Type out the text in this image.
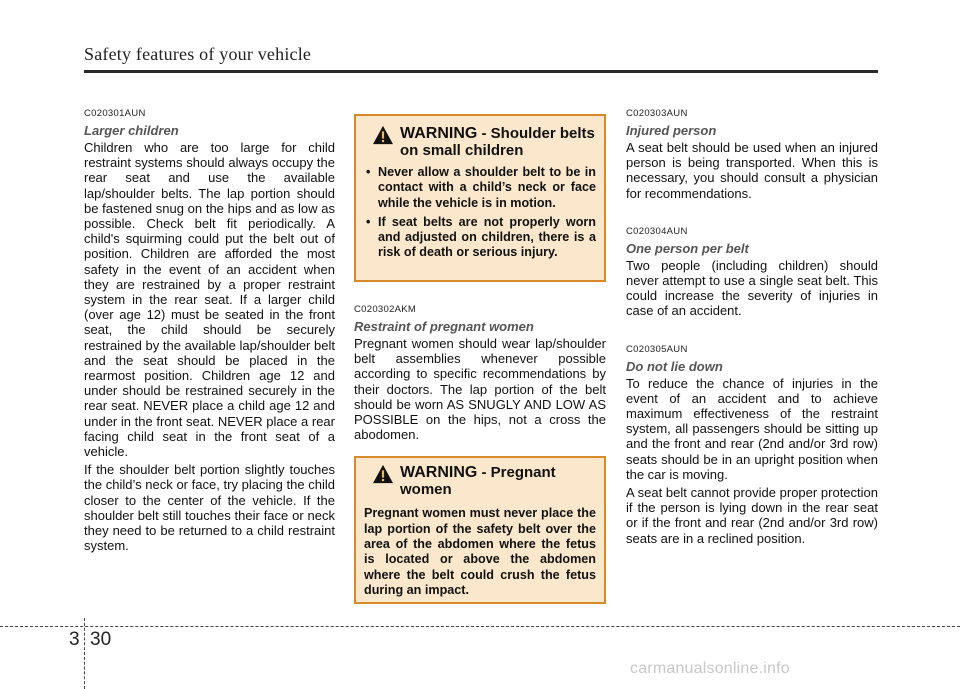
Safety features of your vehicle

C020301AUN

Larger children

Children who are too large for child restraint systems should always occupy the rear seat and use the available lap/shoulder belts. The lap portion should be fastened snug on the hips and as low as possible. Check belt fit periodically. A child's squirming could put the belt out of position. Children are afforded the most safety in the event of an accident when they are restrained by a proper restraint system in the rear seat. If a larger child (over age 12) must be seated in the front seat, the child should be securely restrained by the available lap/shoulder belt and the seat should be placed in the rearmost position. Children age 12 and under should be restrained securely in the rear seat. NEVER place a child age 12 and under in the front seat. NEVER place a rear facing child seat in the front seat of a vehicle.

If the shoulder belt portion slightly touches the child’s neck or face, try placing the child closer to the center of the vehicle. If the shoulder belt still touches their face or neck they need to be returned to a child restraint system.

WARNING - Shoulder belts on small children
• Never allow a shoulder belt to be in contact with a child’s neck or face while the vehicle is in motion.
• If seat belts are not properly worn and adjusted on children, there is a risk of death or serious injury.

C020302AKM

Restraint of pregnant women

Pregnant women should wear lap/shoulder belt assemblies whenever possible according to specific recommendations by their doctors. The lap portion of the belt should be worn AS SNUGLY AND LOW AS POSSIBLE on the hips, not a cross the abodomen.

WARNING - Pregnant women
Pregnant women must never place the lap portion of the safety belt over the area of the abdomen where the fetus is located or above the abdomen where the belt could crush the fetus during an impact.

C020303AUN

Injured person

A seat belt should be used when an injured person is being transported. When this is necessary, you should consult a physician for recommendations.

C020304AUN

One person per belt

Two people (including children) should never attempt to use a single seat belt. This could increase the severity of injuries in case of an accident.

C020305AUN

Do not lie down

To reduce the chance of injuries in the event of an accident and to achieve maximum effectiveness of the restraint system, all passengers should be sitting up and the front and rear (2nd and/or 3rd row) seats should be in an upright position when the car is moving.

A seat belt cannot provide proper protection if the person is lying down in the rear seat or if the front and rear (2nd and/or 3rd row) seats are in a reclined position.

3 30
carmanualsonline.info
